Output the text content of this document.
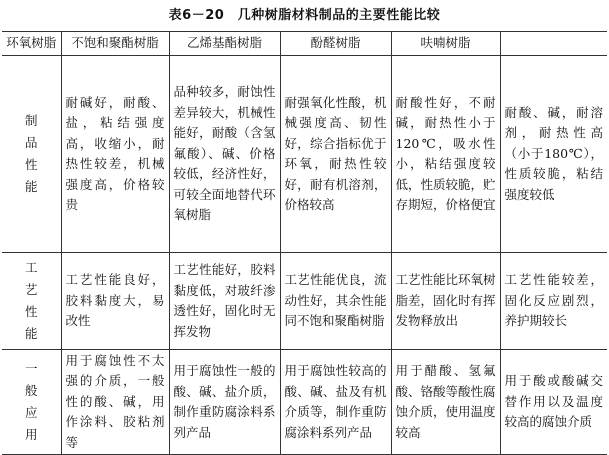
表6－20　几种树脂材料制品的主要性能比较
环氧树脂	不饱和聚酯树脂	乙烯基酯树脂	酚醛树脂	呋喃树脂	
制品性能	耐碱好，耐酸、盐，粘结强度高，收缩小，耐热性较差，机械强度高，价格较贵	品种较多，耐蚀性差异较大，机械性能好，耐酸（含氢氟酸）、碱、价格较低，经济性好，可较全面地替代环氧树脂	耐强氧化性酸，机械强度高、韧性好，综合指标优于环氧，耐热性较好，耐有机溶剂，价格较高	耐酸性好，不耐碱，耐热性小于120℃，吸水性小，粘结强度较低，性质较脆，贮存期短，价格便宜	耐酸、碱，耐溶剂，耐热性高（小于180℃），性质较脆，粘结强度较低
工艺性能	工艺性能良好，胶料黏度大，易改性	工艺性能好，胶料黏度低，对玻纤渗透性好，固化时无挥发物	工艺性能优良，流动性好，其余性能同不饱和聚酯树脂	工艺性能比环氧树脂差，固化时有挥发物释放出	工艺性能较差，固化反应剧烈，养护期较长
一般应用	用于腐蚀性不太强的介质，一般性的酸、碱，用作涂料、胶粘剂等	用于腐蚀性一般的酸、碱、盐介质，制作重防腐涂料系列产品	用于腐蚀性较高的酸、碱、盐及有机介质等，制作重防腐涂料系列产品	用于醋酸、氢氟酸、铬酸等酸性腐蚀介质，使用温度较高	用于酸或酸碱交替作用以及温度较高的腐蚀介质
